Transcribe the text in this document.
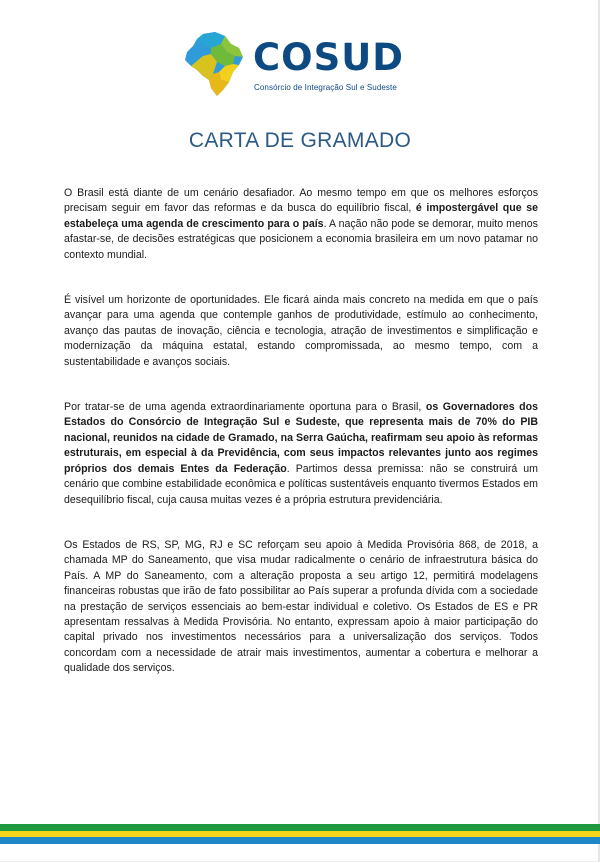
COSUD
Consórcio de Integração Sul e Sudeste
CARTA DE GRAMADO

O Brasil está diante de um cenário desafiador. Ao mesmo tempo em que os melhores esforços precisam seguir em favor das reformas e da busca do equilíbrio fiscal, é impostergável que se estabeleça uma agenda de crescimento para o país. A nação não pode se demorar, muito menos afastar-se, de decisões estratégicas que posicionem a economia brasileira em um novo patamar no contexto mundial.

É visível um horizonte de oportunidades. Ele ficará ainda mais concreto na medida em que o país avançar para uma agenda que contemple ganhos de produtividade, estímulo ao conhecimento, avanço das pautas de inovação, ciência e tecnologia, atração de investimentos e simplificação e modernização da máquina estatal, estando compromissada, ao mesmo tempo, com a sustentabilidade e avanços sociais.

Por tratar-se de uma agenda extraordinariamente oportuna para o Brasil, os Governadores dos Estados do Consórcio de Integração Sul e Sudeste, que representa mais de 70% do PIB nacional, reunidos na cidade de Gramado, na Serra Gaúcha, reafirmam seu apoio às reformas estruturais, em especial à da Previdência, com seus impactos relevantes junto aos regimes próprios dos demais Entes da Federação. Partimos dessa premissa: não se construirá um cenário que combine estabilidade econômica e políticas sustentáveis enquanto tivermos Estados em desequilíbrio fiscal, cuja causa muitas vezes é a própria estrutura previdenciária.

Os Estados de RS, SP, MG, RJ e SC reforçam seu apoio à Medida Provisória 868, de 2018, a chamada MP do Saneamento, que visa mudar radicalmente o cenário de infraestrutura básica do País. A MP do Saneamento, com a alteração proposta a seu artigo 12, permitirá modelagens financeiras robustas que irão de fato possibilitar ao País superar a profunda dívida com a sociedade na prestação de serviços essenciais ao bem-estar individual e coletivo. Os Estados de ES e PR apresentam ressalvas à Medida Provisória. No entanto, expressam apoio à maior participação do capital privado nos investimentos necessários para a universalização dos serviços. Todos concordam com a necessidade de atrair mais investimentos, aumentar a cobertura e melhorar a qualidade dos serviços.
